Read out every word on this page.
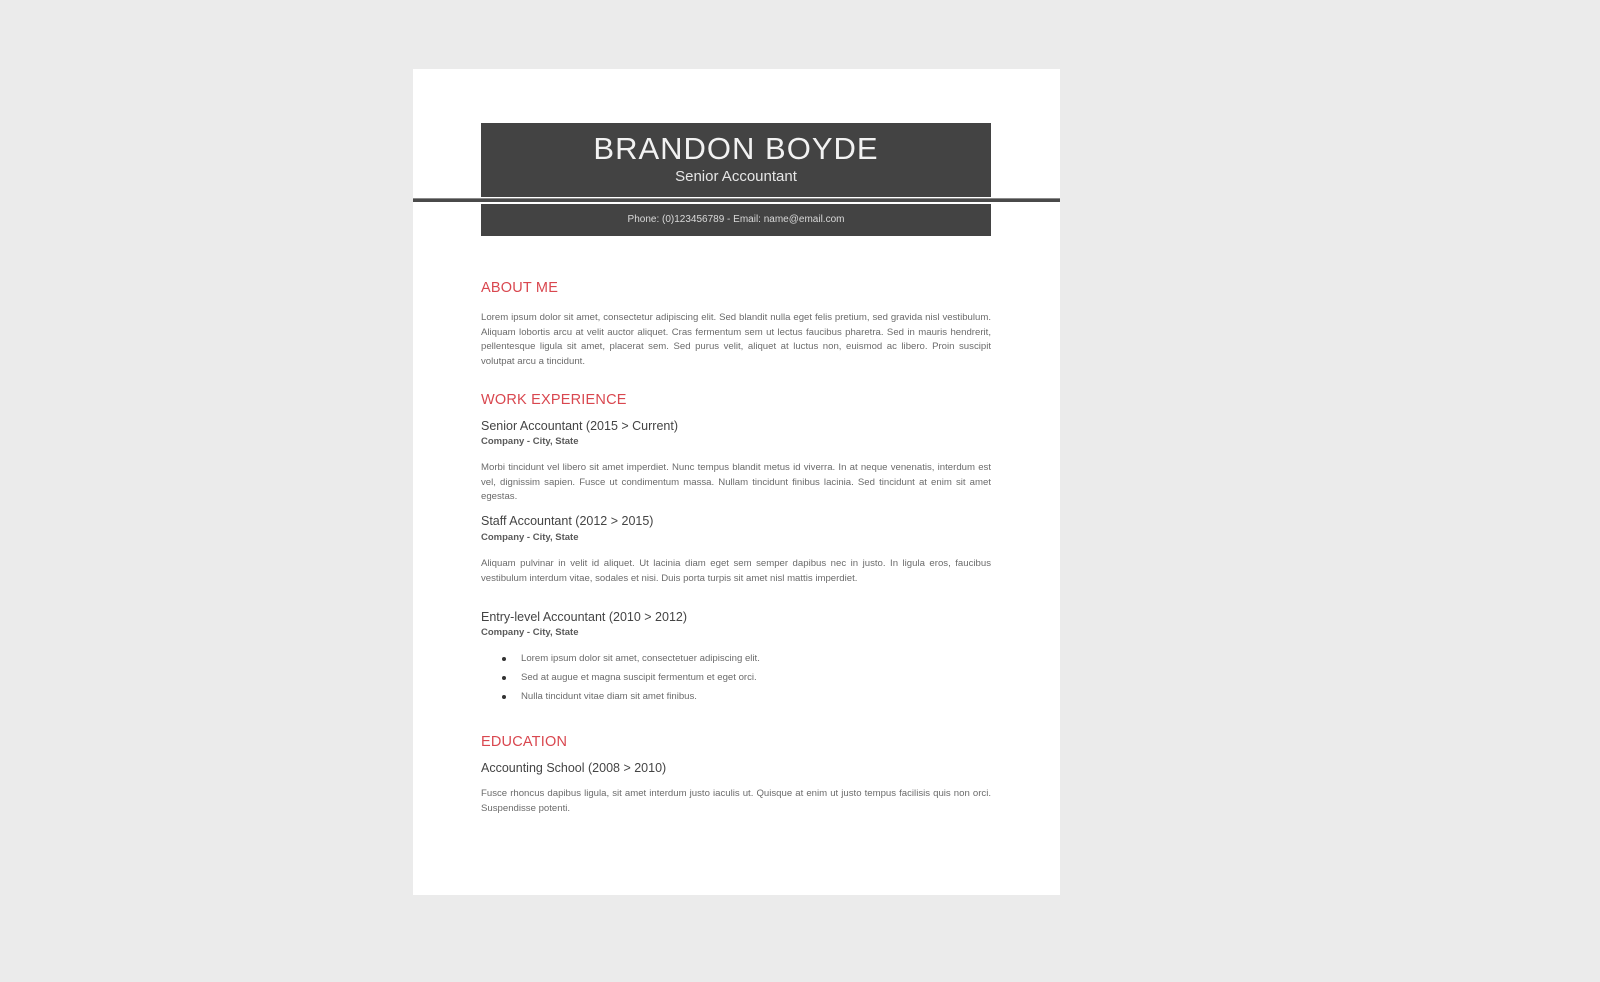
BRANDON BOYDE
Senior Accountant
Phone: (0)123456789 - Email: name@email.com
ABOUT ME

Lorem ipsum dolor sit amet, consectetur adipiscing elit. Sed blandit nulla eget felis pretium, sed gravida nisl vestibulum. Aliquam lobortis arcu at velit auctor aliquet. Cras fermentum sem ut lectus faucibus pharetra. Sed in mauris hendrerit, pellentesque ligula sit amet, placerat sem. Sed purus velit, aliquet at luctus non, euismod ac libero. Proin suscipit volutpat arcu a tincidunt.

WORK EXPERIENCE
Senior Accountant (2015 > Current)
Company - City, State

Morbi tincidunt vel libero sit amet imperdiet. Nunc tempus blandit metus id viverra. In at neque venenatis, interdum est vel, dignissim sapien. Fusce ut condimentum massa. Nullam tincidunt finibus lacinia. Sed tincidunt at enim sit amet egestas.

Staff Accountant (2012 > 2015)
Company - City, State

Aliquam pulvinar in velit id aliquet. Ut lacinia diam eget sem semper dapibus nec in justo. In ligula eros, faucibus vestibulum interdum vitae, sodales et nisi. Duis porta turpis sit amet nisl mattis imperdiet.

Entry-level Accountant (2010 > 2012)
Company - City, State
Lorem ipsum dolor sit amet, consectetuer adipiscing elit.
Sed at augue et magna suscipit fermentum et eget orci.
Nulla tincidunt vitae diam sit amet finibus.
EDUCATION
Accounting School (2008 > 2010)

Fusce rhoncus dapibus ligula, sit amet interdum justo iaculis ut. Quisque at enim ut justo tempus facilisis quis non orci. Suspendisse potenti.
